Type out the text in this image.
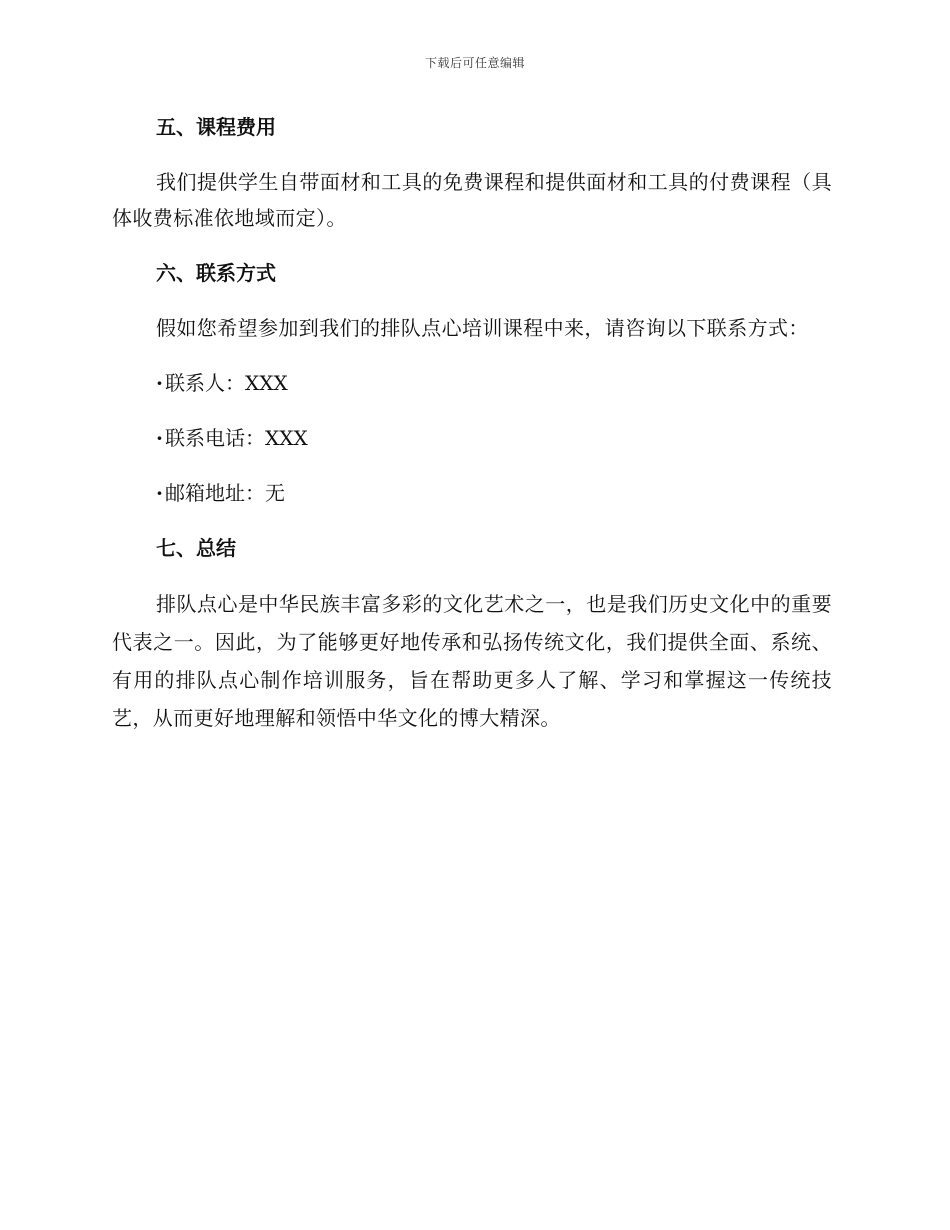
下载后可任意编辑
五、课程费用

我们提供学生自带面材和工具的免费课程和提供面材和工具的付费课程（具体收费标准依地域而定）。

六、联系方式

假如您希望参加到我们的排队点心培训课程中来，请咨询以下联系方式：

· 联系人：XXX
· 联系电话：XXX
· 邮箱地址：无
七、总结

排队点心是中华民族丰富多彩的文化艺术之一，也是我们历史文化中的重要代表之一。因此，为了能够更好地传承和弘扬传统文化，我们提供全面、系统、有用的排队点心制作培训服务，旨在帮助更多人了解、学习和掌握这一传统技艺，从而更好地理解和领悟中华文化的博大精深。
